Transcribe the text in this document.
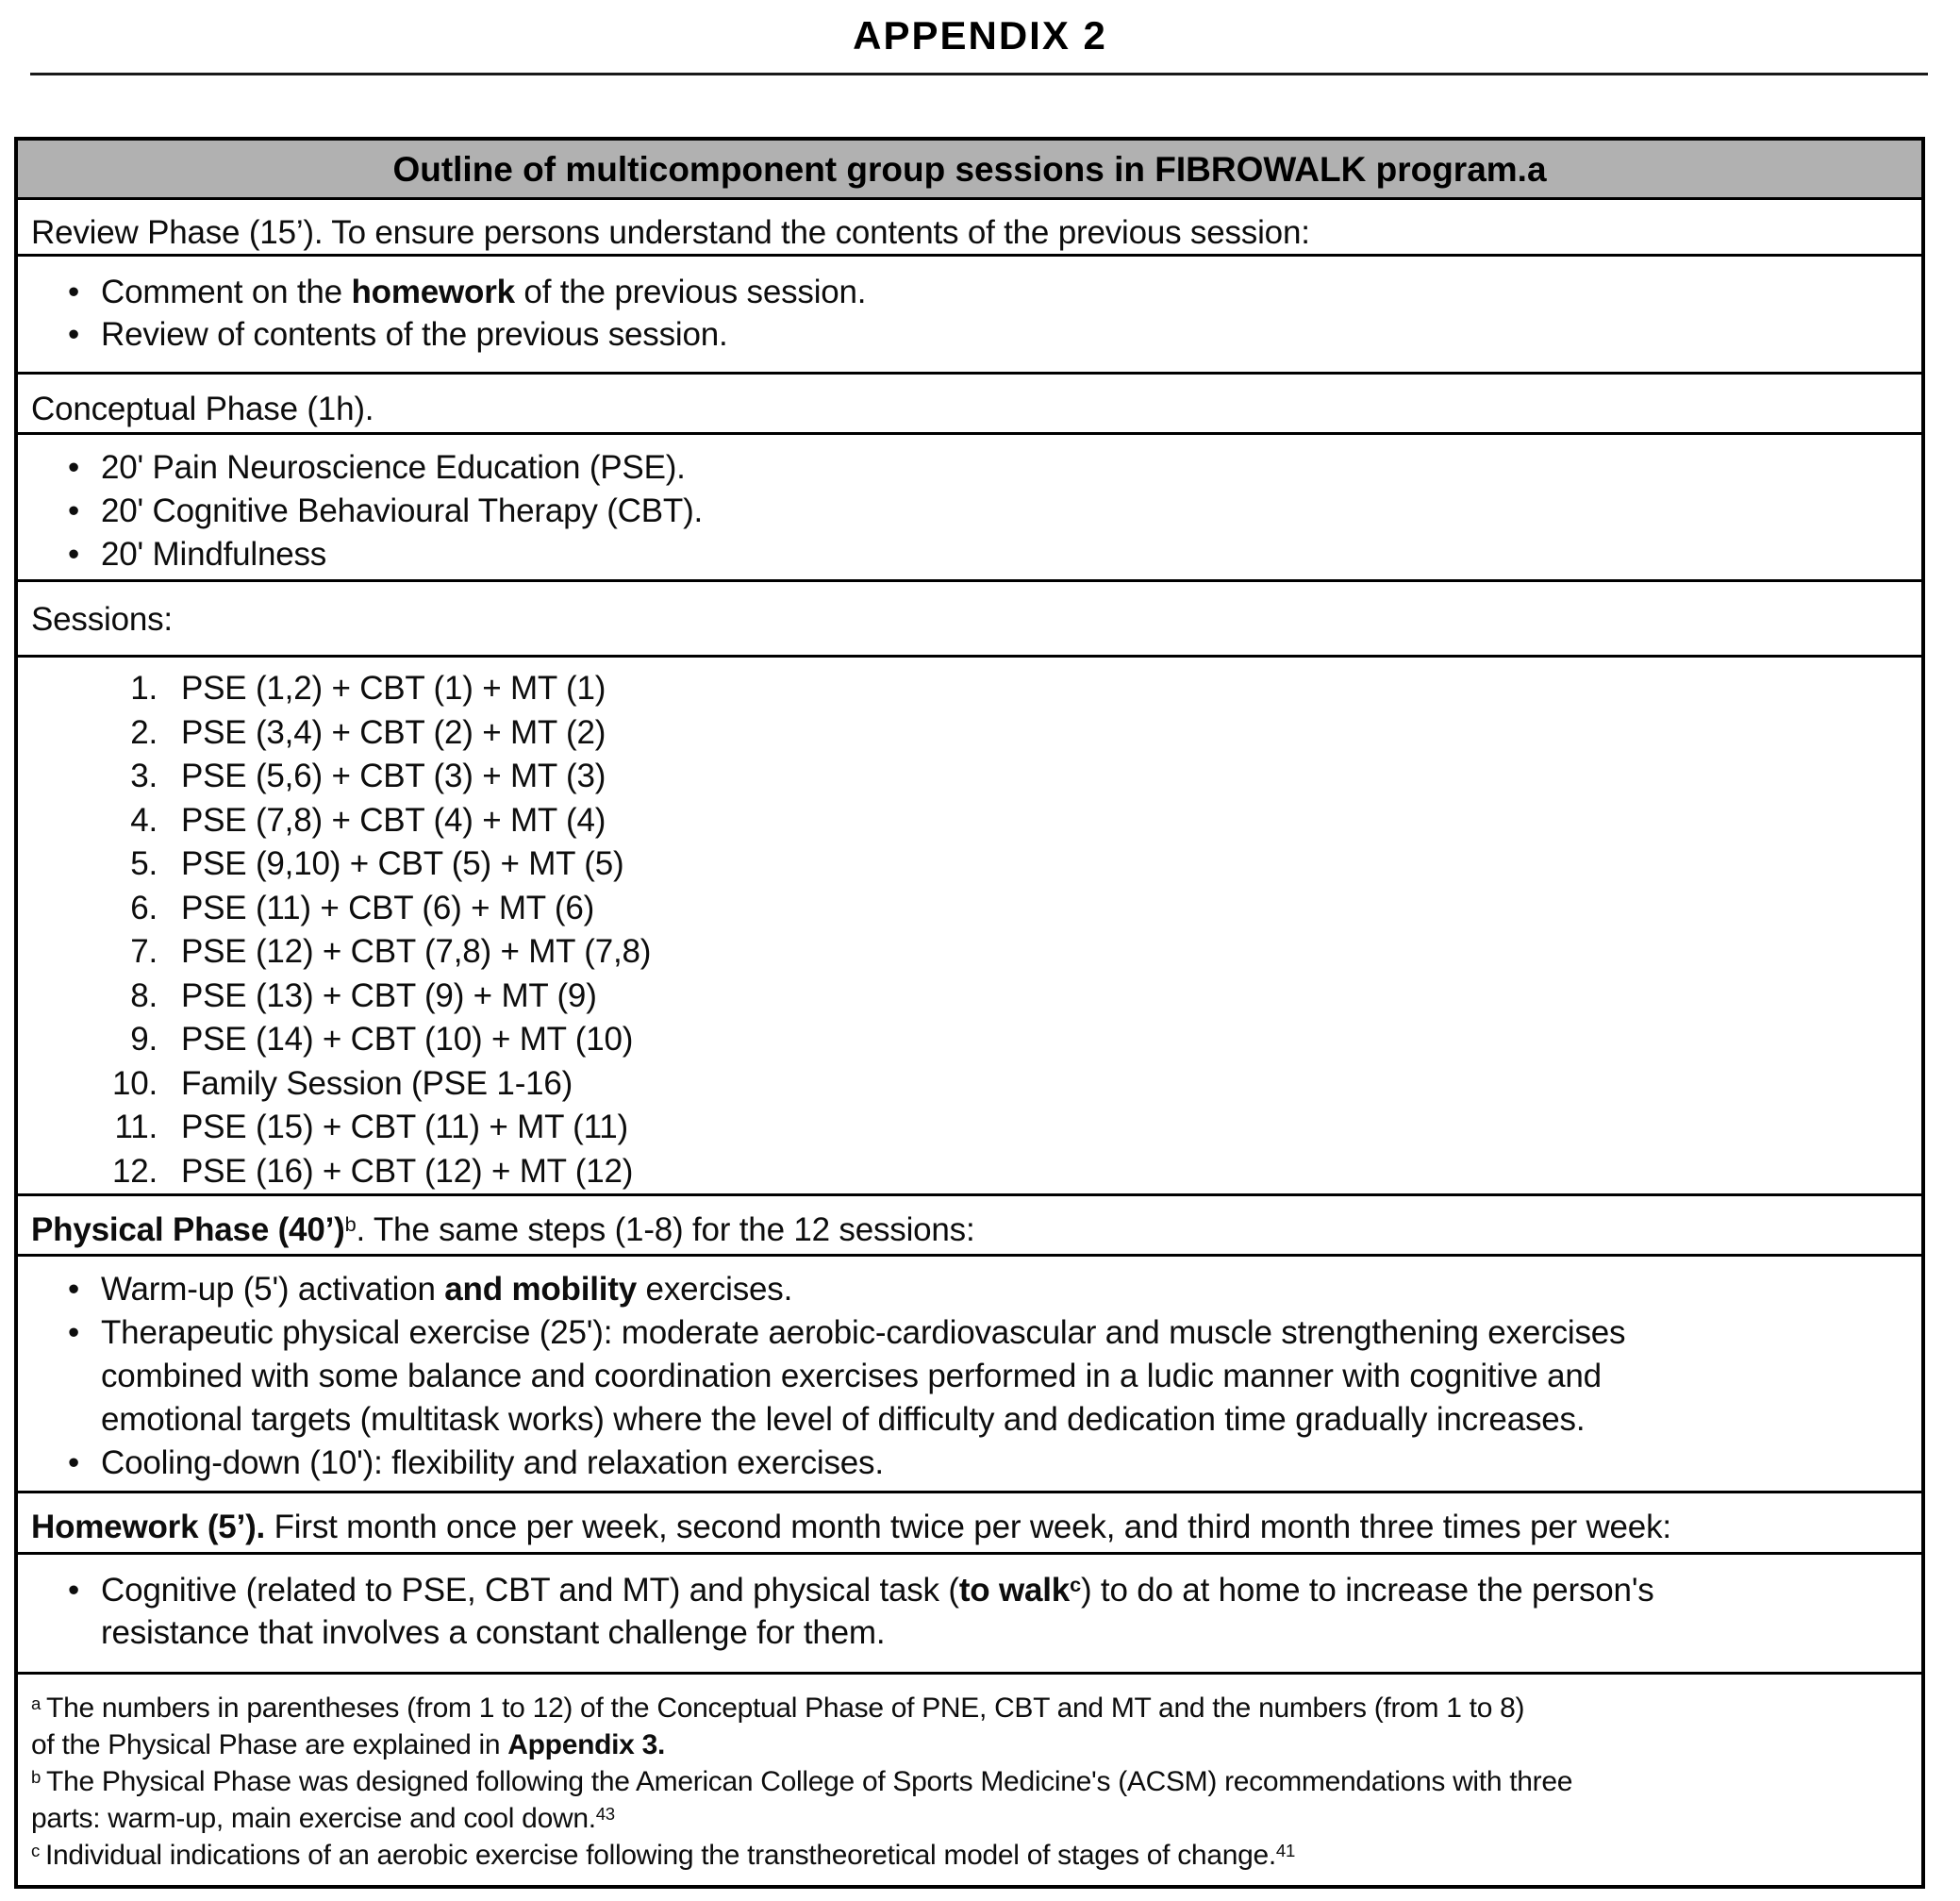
APPENDIX 2
Outline of multicomponent group sessions in FIBROWALK program.a
Review Phase (15’). To ensure persons understand the contents of the previous session:
• Comment on the homework of the previous session.
• Review of contents of the previous session.
Conceptual Phase (1h).
• 20' Pain Neuroscience Education (PSE).
• 20' Cognitive Behavioural Therapy (CBT).
• 20' Mindfulness
Sessions:
1. PSE (1,2) + CBT (1) + MT (1)
2. PSE (3,4) + CBT (2) + MT (2)
3. PSE (5,6) + CBT (3) + MT (3)
4. PSE (7,8) + CBT (4) + MT (4)
5. PSE (9,10) + CBT (5) + MT (5)
6. PSE (11) + CBT (6) + MT (6)
7. PSE (12) + CBT (7,8) + MT (7,8)
8. PSE (13) + CBT (9) + MT (9)
9. PSE (14) + CBT (10) + MT (10)
10. Family Session (PSE 1-16)
11. PSE (15) + CBT (11) + MT (11)
12. PSE (16) + CBT (12) + MT (12)
Physical Phase (40’)$^b$. The same steps (1-8) for the 12 sessions:
• Warm-up (5') activation and mobility exercises.
• Therapeutic physical exercise (25'): moderate aerobic-cardiovascular and muscle strengthening exercises
combined with some balance and coordination exercises performed in a ludic manner with cognitive and
emotional targets (multitask works) where the level of difficulty and dedication time gradually increases.
• Cooling-down (10'): flexibility and relaxation exercises.
Homework (5’). First month once per week, second month twice per week, and third month three times per week:
• Cognitive (related to PSE, CBT and MT) and physical task (to walk$^c$) to do at home to increase the person's
resistance that involves a constant challenge for them.
$^a$ The numbers in parentheses (from 1 to 12) of the Conceptual Phase of PNE, CBT and MT and the numbers (from 1 to 8)
of the Physical Phase are explained in Appendix 3.
$^b$ The Physical Phase was designed following the American College of Sports Medicine's (ACSM) recommendations with three
parts: warm-up, main exercise and cool down.$^{43}$
$^c$ Individual indications of an aerobic exercise following the transtheoretical model of stages of change.$^{41}$
